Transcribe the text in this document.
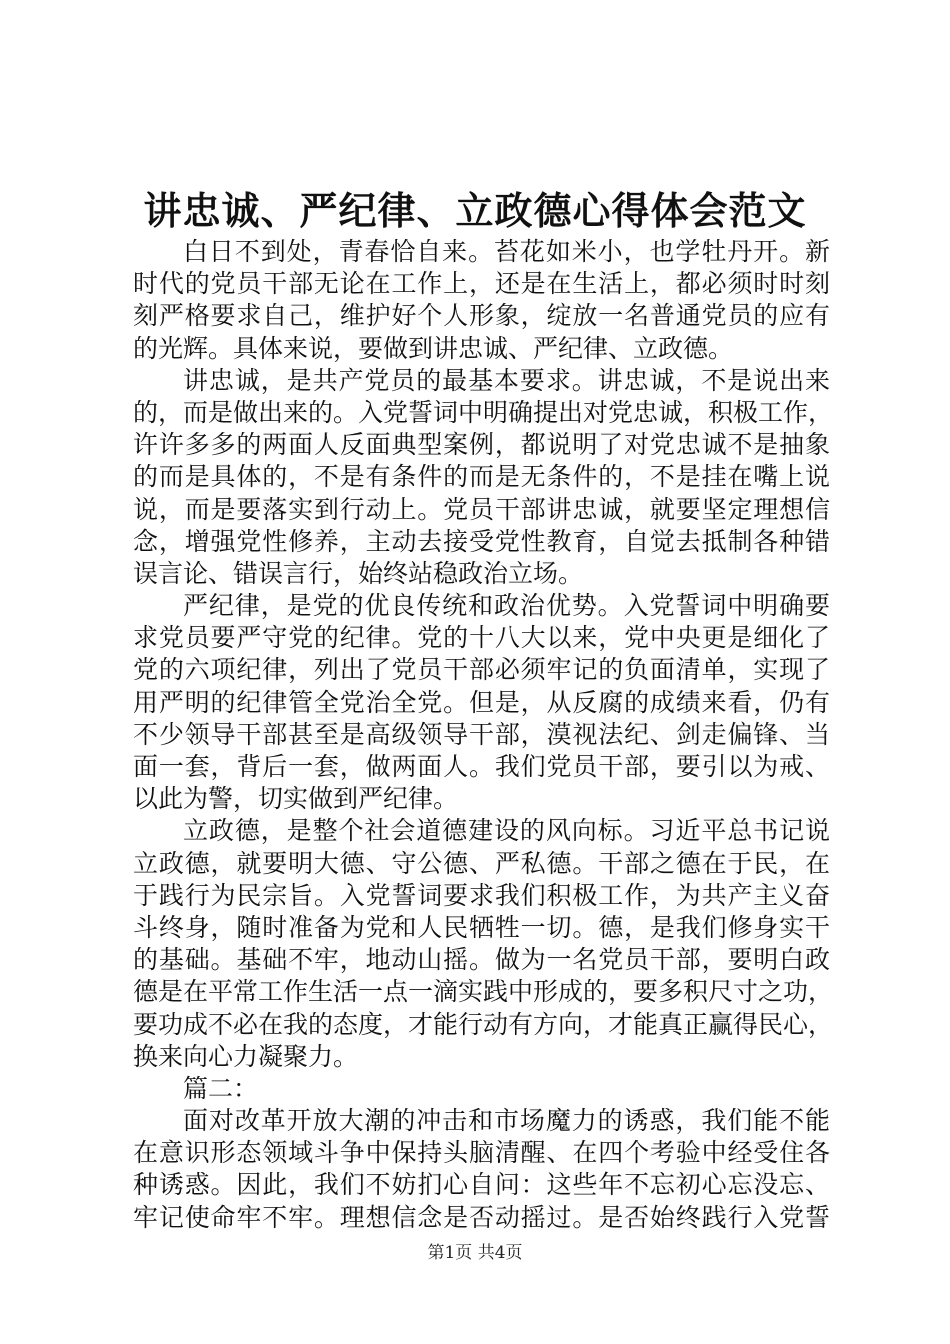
讲忠诚、严纪律、立政德心得体会范文
白日不到处，青春恰自来。苔花如米小，也学牡丹开。新
时代的党员干部无论在工作上，还是在生活上，都必须时时刻
刻严格要求自己，维护好个人形象，绽放一名普通党员的应有
的光辉。具体来说，要做到讲忠诚、严纪律、立政德。
讲忠诚，是共产党员的最基本要求。讲忠诚，不是说出来
的，而是做出来的。入党誓词中明确提出对党忠诚，积极工作，
许许多多的两面人反面典型案例，都说明了对党忠诚不是抽象
的而是具体的，不是有条件的而是无条件的，不是挂在嘴上说
说，而是要落实到行动上。党员干部讲忠诚，就要坚定理想信
念，增强党性修养，主动去接受党性教育，自觉去抵制各种错
误言论、错误言行，始终站稳政治立场。
严纪律，是党的优良传统和政治优势。入党誓词中明确要
求党员要严守党的纪律。党的十八大以来，党中央更是细化了
党的六项纪律，列出了党员干部必须牢记的负面清单，实现了
用严明的纪律管全党治全党。但是，从反腐的成绩来看，仍有
不少领导干部甚至是高级领导干部，漠视法纪、剑走偏锋、当
面一套，背后一套，做两面人。我们党员干部，要引以为戒、
以此为警，切实做到严纪律。
立政德，是整个社会道德建设的风向标。习近平总书记说
立政德，就要明大德、守公德、严私德。干部之德在于民，在
于践行为民宗旨。入党誓词要求我们积极工作，为共产主义奋
斗终身，随时准备为党和人民牺牲一切。德，是我们修身实干
的基础。基础不牢，地动山摇。做为一名党员干部，要明白政
德是在平常工作生活一点一滴实践中形成的，要多积尺寸之功，
要功成不必在我的态度，才能行动有方向，才能真正赢得民心，
换来向心力凝聚力。
篇二：
面对改革开放大潮的冲击和市场魔力的诱惑，我们能不能
在意识形态领域斗争中保持头脑清醒、在四个考验中经受住各
种诱惑。因此，我们不妨扪心自问：这些年不忘初心忘没忘、
牢记使命牢不牢。理想信念是否动摇过。是否始终践行入党誓
第1页 共4页
